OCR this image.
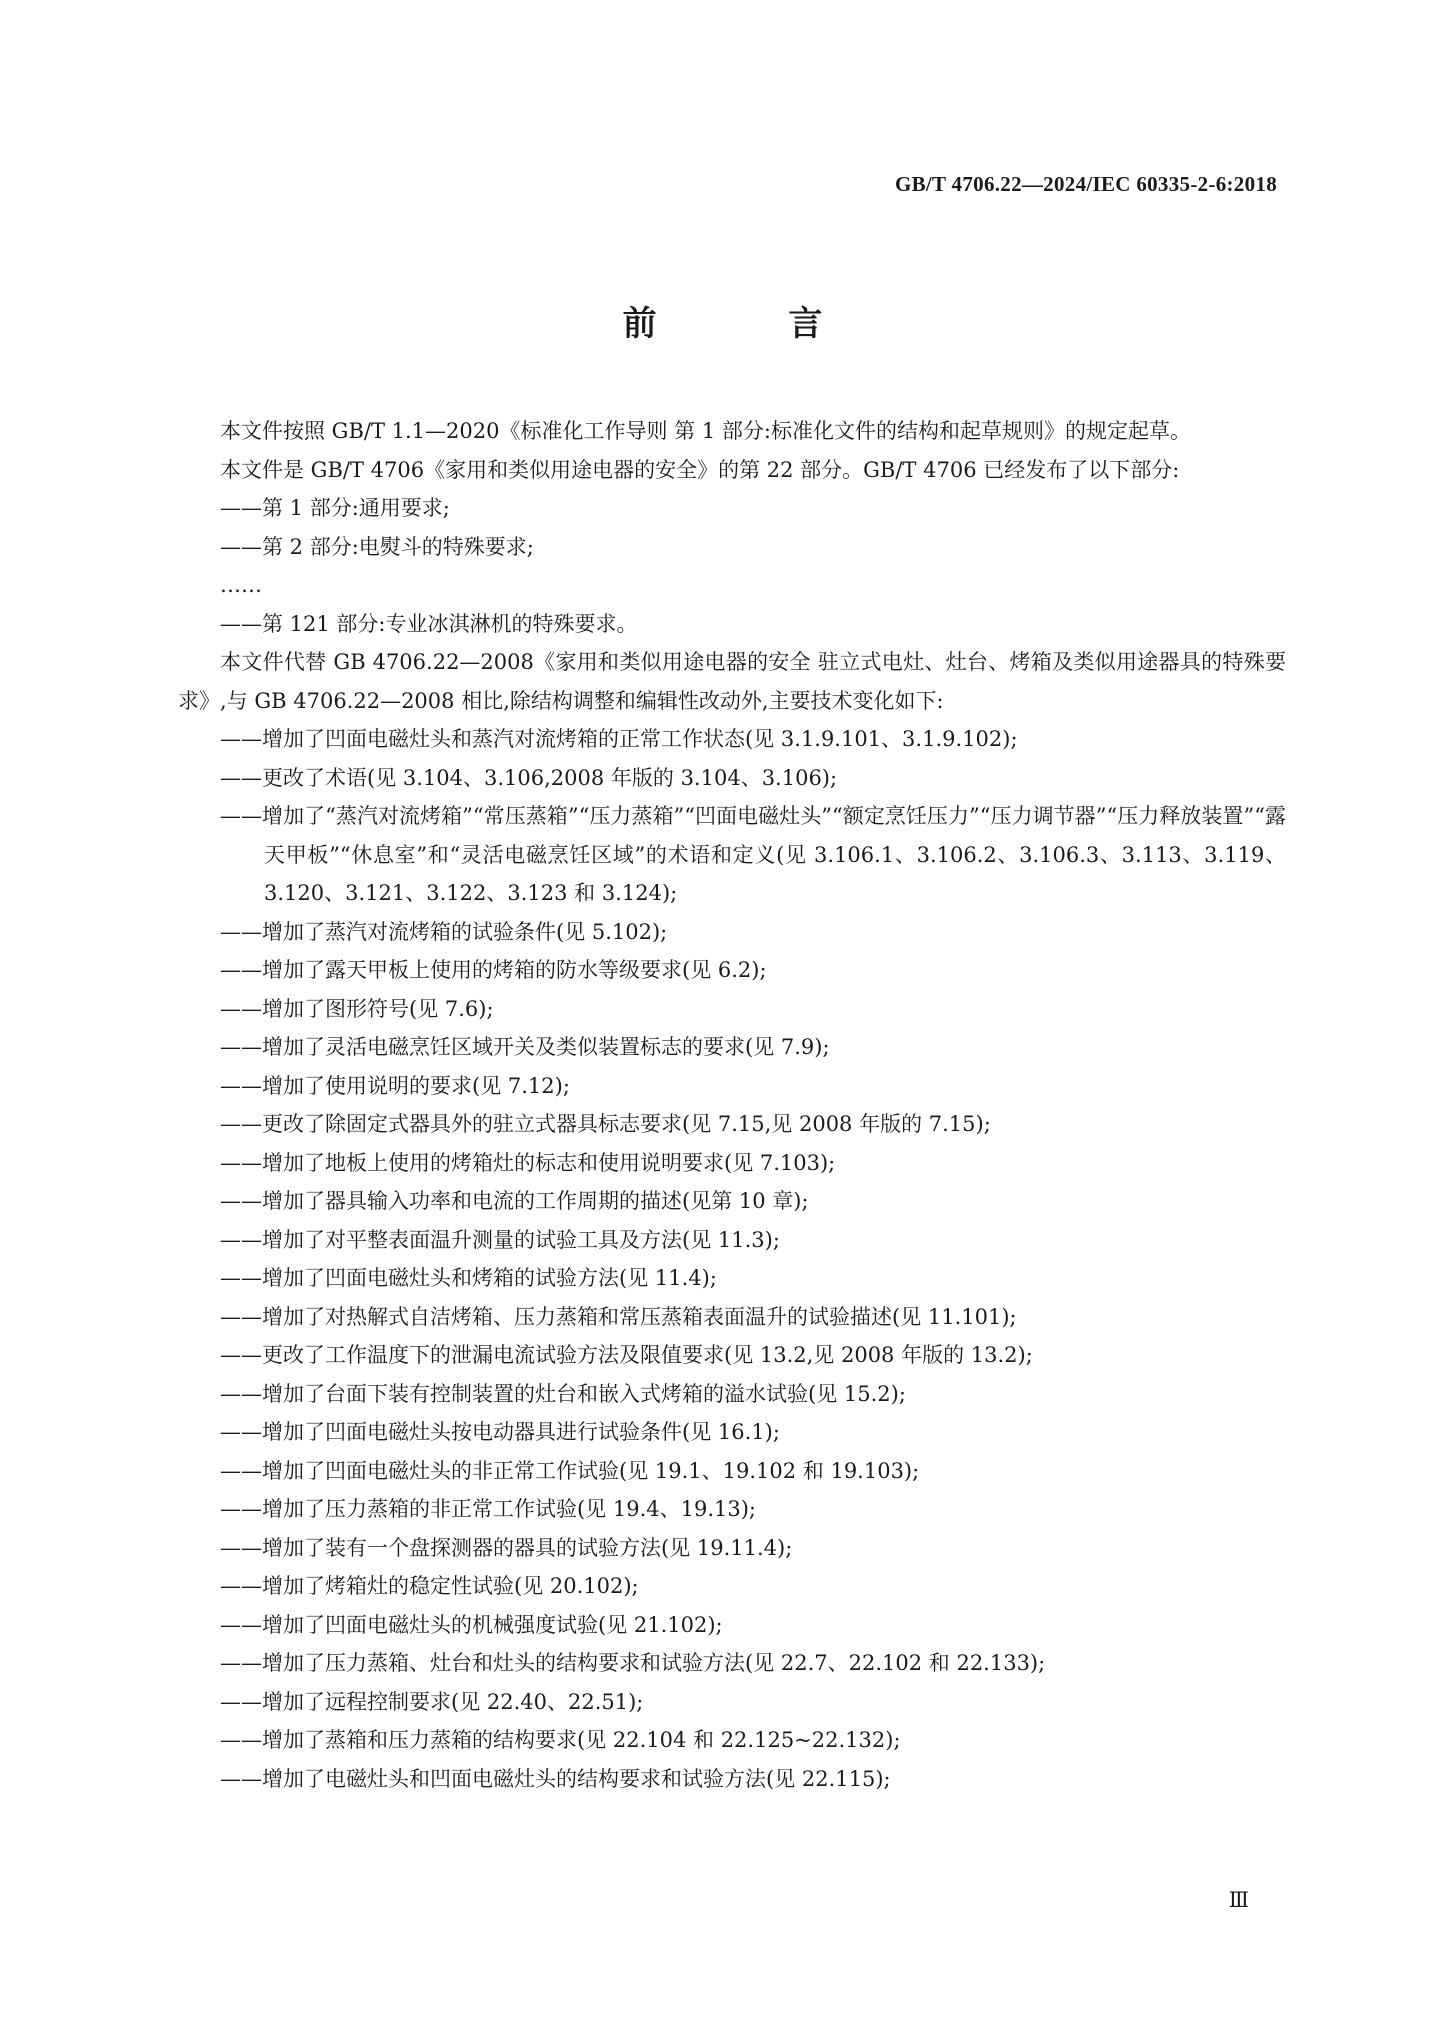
GB/T 4706.22—2024/IEC 60335-2-6:2018
前 言

本文件按照 GB/T 1.1—2020《标准化工作导则 第 1 部分:标准化文件的结构和起草规则》的规定起草。

本文件是 GB/T 4706《家用和类似用途电器的安全》的第 22 部分。GB/T 4706 已经发布了以下部分:

——第 1 部分:通用要求;

——第 2 部分:电熨斗的特殊要求;

……

——第 121 部分:专业冰淇淋机的特殊要求。

本文件代替 GB 4706.22—2008《家用和类似用途电器的安全 驻立式电灶、灶台、烤箱及类似用途器具的特殊要求》,与 GB 4706.22—2008 相比,除结构调整和编辑性改动外,主要技术变化如下:

——增加了凹面电磁灶头和蒸汽对流烤箱的正常工作状态(见 3.1.9.101、3.1.9.102);

——更改了术语(见 3.104、3.106,2008 年版的 3.104、3.106);

——增加了“蒸汽对流烤箱”“常压蒸箱”“压力蒸箱”“凹面电磁灶头”“额定烹饪压力”“压力调节器”“压力释放装置”“露天甲板”“休息室”和“灵活电磁烹饪区域”的术语和定义(见 3.106.1、3.106.2、3.106.3、3.113、3.119、3.120、3.121、3.122、3.123 和 3.124);

——增加了蒸汽对流烤箱的试验条件(见 5.102);

——增加了露天甲板上使用的烤箱的防水等级要求(见 6.2);

——增加了图形符号(见 7.6);

——增加了灵活电磁烹饪区域开关及类似装置标志的要求(见 7.9);

——增加了使用说明的要求(见 7.12);

——更改了除固定式器具外的驻立式器具标志要求(见 7.15,见 2008 年版的 7.15);

——增加了地板上使用的烤箱灶的标志和使用说明要求(见 7.103);

——增加了器具输入功率和电流的工作周期的描述(见第 10 章);

——增加了对平整表面温升测量的试验工具及方法(见 11.3);

——增加了凹面电磁灶头和烤箱的试验方法(见 11.4);

——增加了对热解式自洁烤箱、压力蒸箱和常压蒸箱表面温升的试验描述(见 11.101);

——更改了工作温度下的泄漏电流试验方法及限值要求(见 13.2,见 2008 年版的 13.2);

——增加了台面下装有控制装置的灶台和嵌入式烤箱的溢水试验(见 15.2);

——增加了凹面电磁灶头按电动器具进行试验条件(见 16.1);

——增加了凹面电磁灶头的非正常工作试验(见 19.1、19.102 和 19.103);

——增加了压力蒸箱的非正常工作试验(见 19.4、19.13);

——增加了装有一个盘探测器的器具的试验方法(见 19.11.4);

——增加了烤箱灶的稳定性试验(见 20.102);

——增加了凹面电磁灶头的机械强度试验(见 21.102);

——增加了压力蒸箱、灶台和灶头的结构要求和试验方法(见 22.7、22.102 和 22.133);

——增加了远程控制要求(见 22.40、22.51);

——增加了蒸箱和压力蒸箱的结构要求(见 22.104 和 22.125~22.132);

——增加了电磁灶头和凹面电磁灶头的结构要求和试验方法(见 22.115);

Ⅲ
